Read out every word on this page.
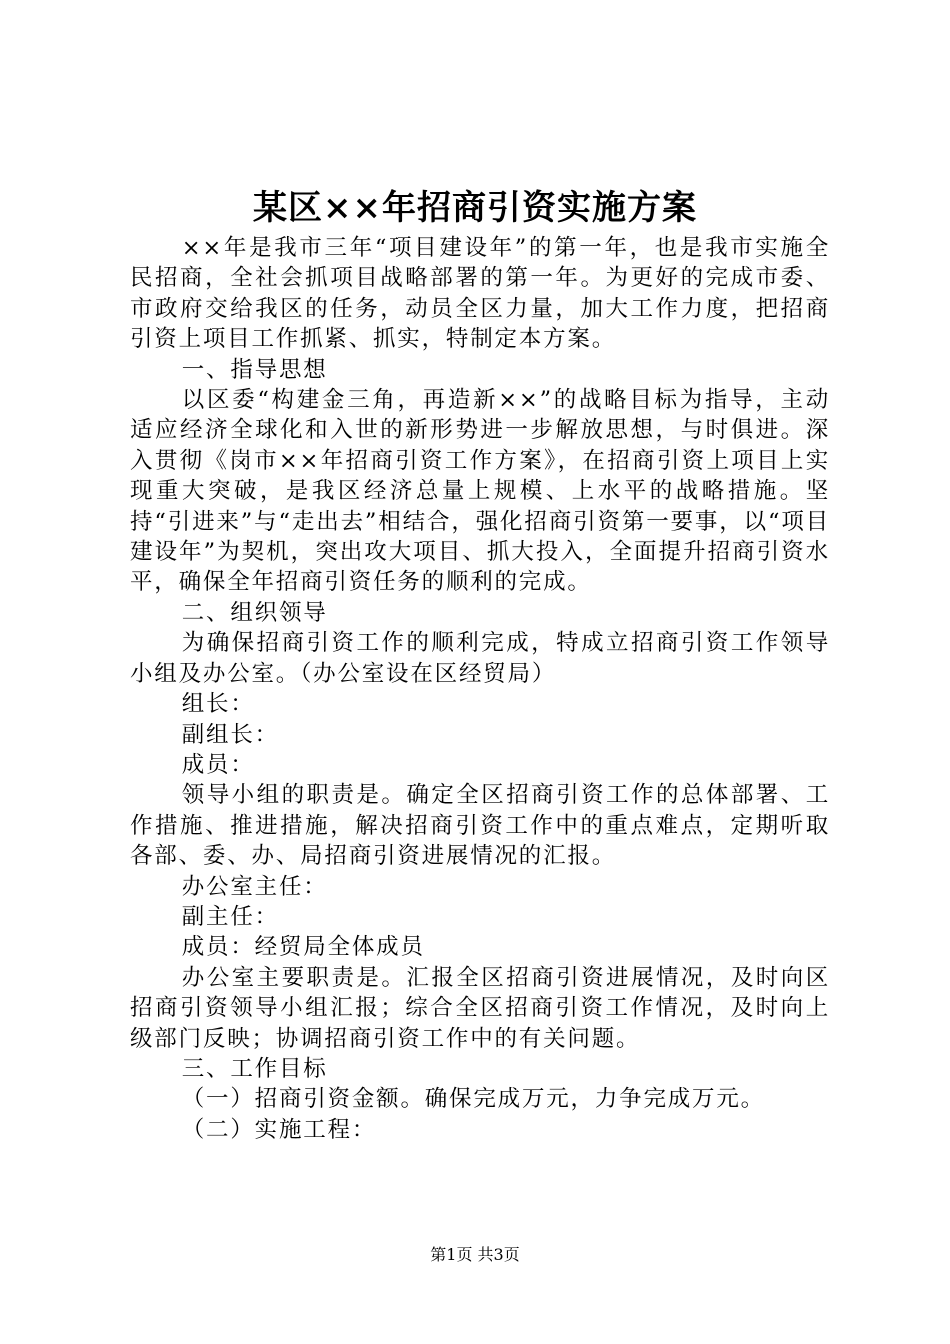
某区××年招商引资实施方案

××年是我市三年“项目建设年”的第一年，也是我市实施全民招商，全社会抓项目战略部署的第一年。为更好的完成市委、市政府交给我区的任务，动员全区力量，加大工作力度，把招商引资上项目工作抓紧、抓实，特制定本方案。

一、指导思想

以区委“构建金三角，再造新××”的战略目标为指导，主动适应经济全球化和入世的新形势进一步解放思想，与时俱进。深入贯彻《岗市××年招商引资工作方案》，在招商引资上项目上实现重大突破，是我区经济总量上规模、上水平的战略措施。坚持“引进来”与“走出去”相结合，强化招商引资第一要事，以“项目建设年”为契机，突出攻大项目、抓大投入，全面提升招商引资水平，确保全年招商引资任务的顺利的完成。

二、组织领导

为确保招商引资工作的顺利完成，特成立招商引资工作领导小组及办公室。（办公室设在区经贸局）

组长：

副组长：

成员：

领导小组的职责是。确定全区招商引资工作的总体部署、工作措施、推进措施，解决招商引资工作中的重点难点，定期听取各部、委、办、局招商引资进展情况的汇报。

办公室主任：

副主任：

成员：经贸局全体成员

办公室主要职责是。汇报全区招商引资进展情况，及时向区招商引资领导小组汇报；综合全区招商引资工作情况，及时向上级部门反映；协调招商引资工作中的有关问题。

三、工作目标

（一）招商引资金额。确保完成万元，力争完成万元。

（二）实施工程：

第1页 共3页
